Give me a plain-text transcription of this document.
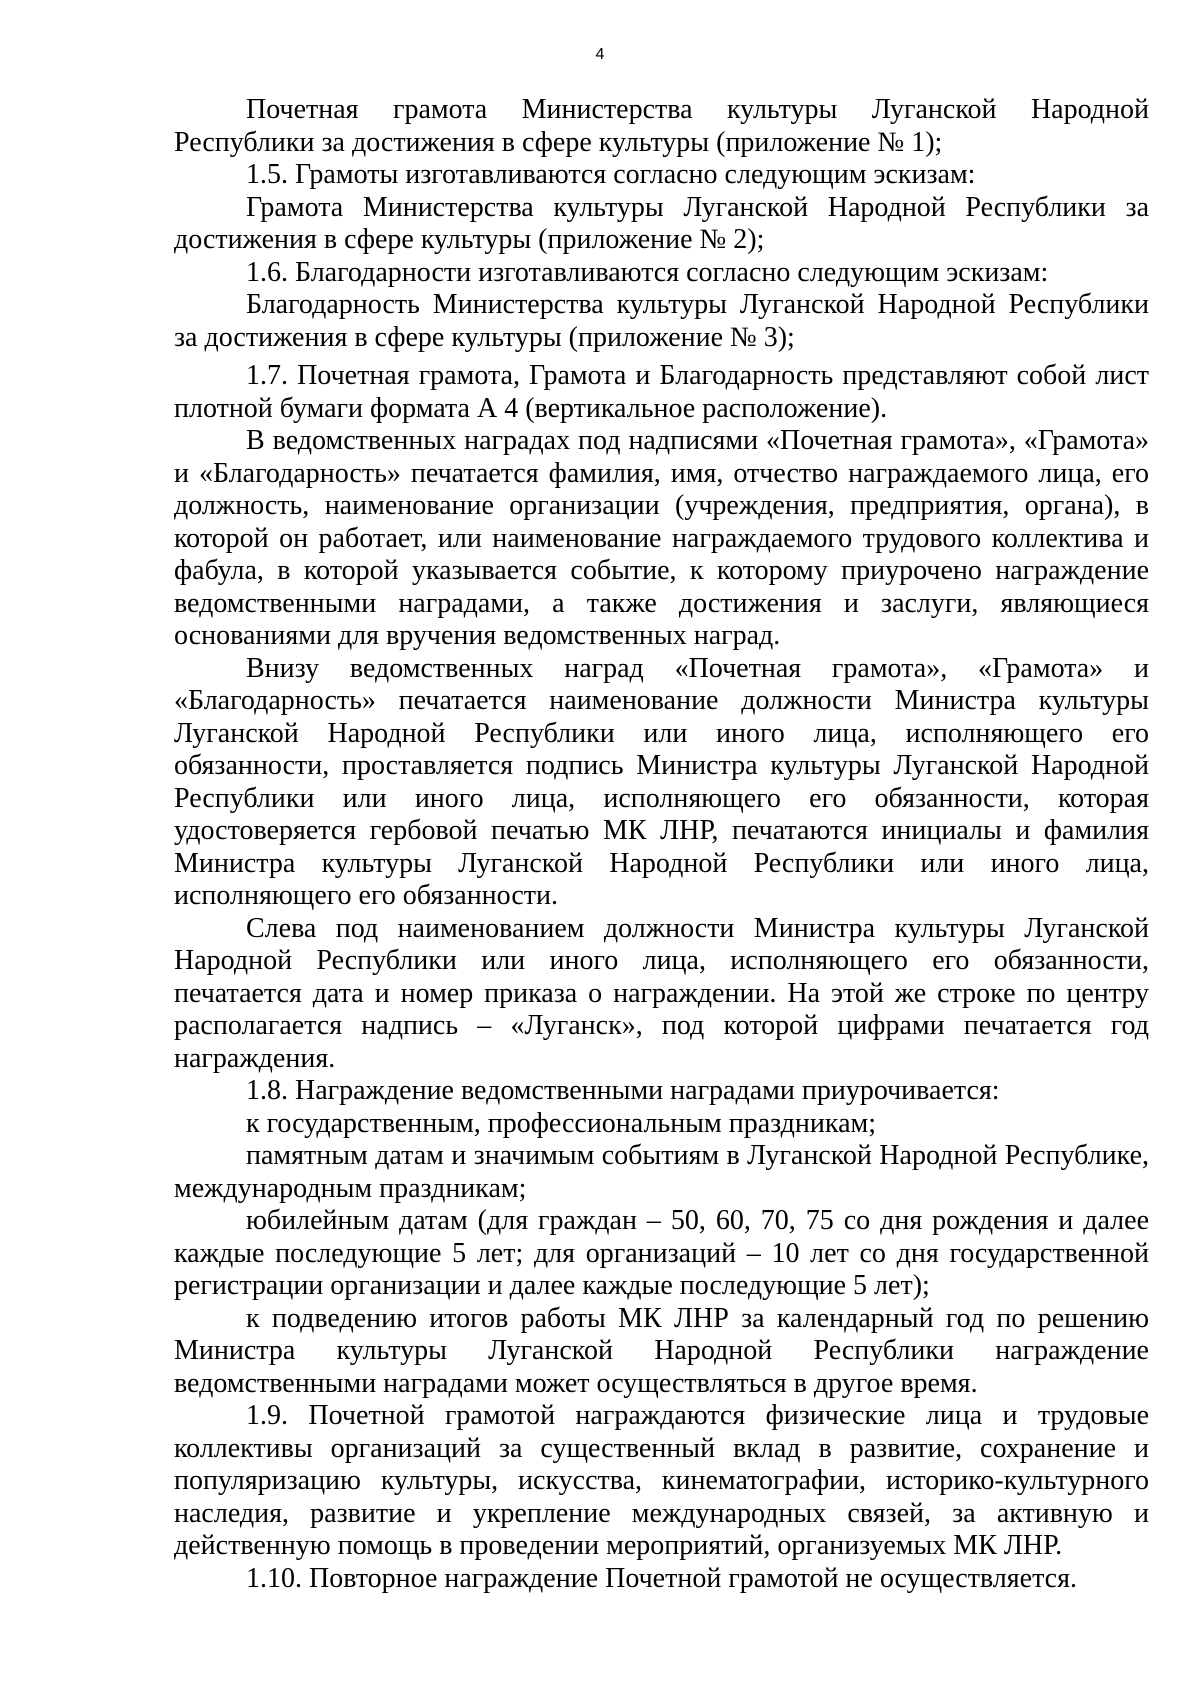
4

Почетная грамота Министерства культуры Луганской Народной Республики за достижения в сфере культуры (приложение № 1);

1.5. Грамоты изготавливаются согласно следующим эскизам:

Грамота Министерства культуры Луганской Народной Республики за достижения в сфере культуры (приложение № 2);

1.6. Благодарности изготавливаются согласно следующим эскизам:

Благодарность Министерства культуры Луганской Народной Республики за достижения в сфере культуры (приложение № 3);

1.7. Почетная грамота, Грамота и Благодарность представляют собой лист плотной бумаги формата А 4 (вертикальное расположение).

В ведомственных наградах под надписями «Почетная грамота», «Грамота» и «Благодарность» печатается фамилия, имя, отчество награждаемого лица, его должность, наименование организации (учреждения, предприятия, органа), в которой он работает, или наименование награждаемого трудового коллектива и фабула, в которой указывается событие, к которому приурочено награждение ведомственными наградами, а также достижения и заслуги, являющиеся основаниями для вручения ведомственных наград.

Внизу ведомственных наград «Почетная грамота», «Грамота» и «Благодарность» печатается наименование должности Министра культуры Луганской Народной Республики или иного лица, исполняющего его обязанности, проставляется подпись Министра культуры Луганской Народной Республики или иного лица, исполняющего его обязанности, которая удостоверяется гербовой печатью МК ЛНР, печатаются инициалы и фамилия Министра культуры Луганской Народной Республики или иного лица, исполняющего его обязанности.

Слева под наименованием должности Министра культуры Луганской Народной Республики или иного лица, исполняющего его обязанности, печатается дата и номер приказа о награждении. На этой же строке по центру располагается надпись – «Луганск», под которой цифрами печатается год награждения.

1.8. Награждение ведомственными наградами приурочивается:

к государственным, профессиональным праздникам;

памятным датам и значимым событиям в Луганской Народной Республике, международным праздникам;

юбилейным датам (для граждан – 50, 60, 70, 75 со дня рождения и далее каждые последующие 5 лет; для организаций – 10 лет со дня государственной регистрации организации и далее каждые последующие 5 лет);

к подведению итогов работы МК ЛНР за календарный год по решению Министра культуры Луганской Народной Республики награждение ведомственными наградами может осуществляться в другое время.

1.9. Почетной грамотой награждаются физические лица и трудовые коллективы организаций за существенный вклад в развитие, сохранение и популяризацию культуры, искусства, кинематографии, историко-культурного наследия, развитие и укрепление международных связей, за активную и действенную помощь в проведении мероприятий, организуемых МК ЛНР.

1.10. Повторное награждение Почетной грамотой не осуществляется.
